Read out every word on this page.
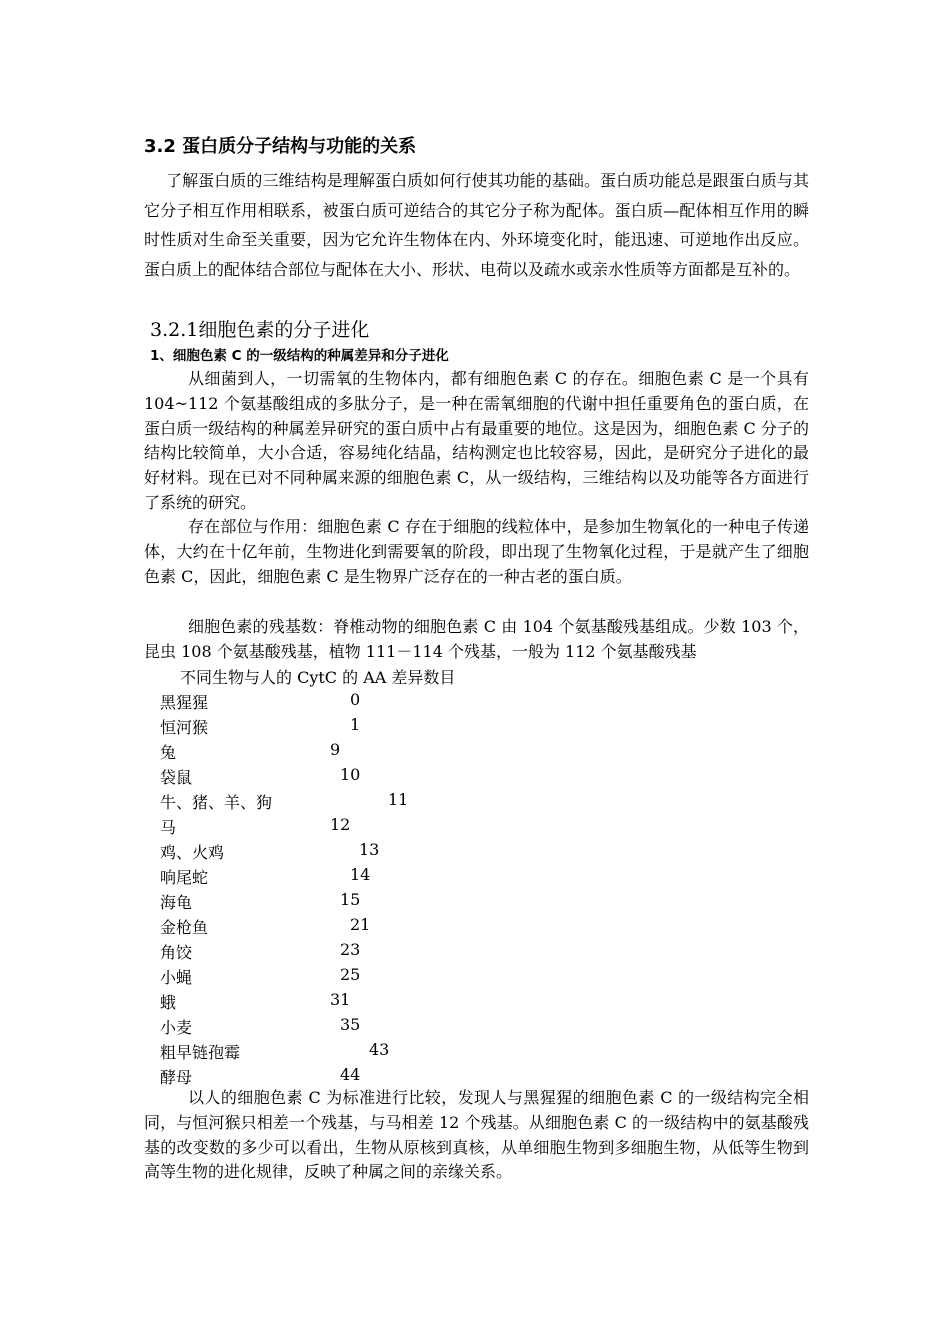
3.2 蛋白质分子结构与功能的关系
了解蛋白质的三维结构是理解蛋白质如何行使其功能的基础。蛋白质功能总是跟蛋白质与其它分子相互作用相联系，被蛋白质可逆结合的其它分子称为配体。蛋白质—配体相互作用的瞬时性质对生命至关重要，因为它允许生物体在内、外环境变化时，能迅速、可逆地作出反应。蛋白质上的配体结合部位与配体在大小、形状、电荷以及疏水或亲水性质等方面都是互补的。
3.2.1细胞色素的分子进化
1、细胞色素 C 的一级结构的种属差异和分子进化
从细菌到人，一切需氧的生物体内，都有细胞色素 C 的存在。细胞色素 C 是一个具有 104~112 个氨基酸组成的多肽分子，是一种在需氧细胞的代谢中担任重要角色的蛋白质，在蛋白质一级结构的种属差异研究的蛋白质中占有最重要的地位。这是因为，细胞色素 C 分子的结构比较简单，大小合适，容易纯化结晶，结构测定也比较容易，因此，是研究分子进化的最好材料。现在已对不同种属来源的细胞色素 C，从一级结构，三维结构以及功能等各方面进行了系统的研究。
存在部位与作用：细胞色素 C 存在于细胞的线粒体中，是参加生物氧化的一种电子传递体，大约在十亿年前，生物进化到需要氧的阶段，即出现了生物氧化过程，于是就产生了细胞色素 C，因此，细胞色素 C 是生物界广泛存在的一种古老的蛋白质。
细胞色素的残基数：脊椎动物的细胞色素 C 由 104 个氨基酸残基组成。少数 103 个，昆虫 108 个氨基酸残基，植物 111－114 个残基，一般为 112 个氨基酸残基
不同生物与人的 CytC 的 AA 差异数目
黑猩猩	0
恒河猴	1
兔	9
袋鼠	10
牛、猪、羊、狗	11
马	12
鸡、火鸡	13
响尾蛇	14
海龟	15
金枪鱼	21
角饺	23
小蝇	25
蛾	31
小麦	35
粗早链孢霉	43
酵母	44
以人的细胞色素 C 为标准进行比较，发现人与黑猩猩的细胞色素 C 的一级结构完全相同，与恒河猴只相差一个残基，与马相差 12 个残基。从细胞色素 C 的一级结构中的氨基酸残基的改变数的多少可以看出，生物从原核到真核，从单细胞生物到多细胞生物，从低等生物到高等生物的进化规律，反映了种属之间的亲缘关系。
